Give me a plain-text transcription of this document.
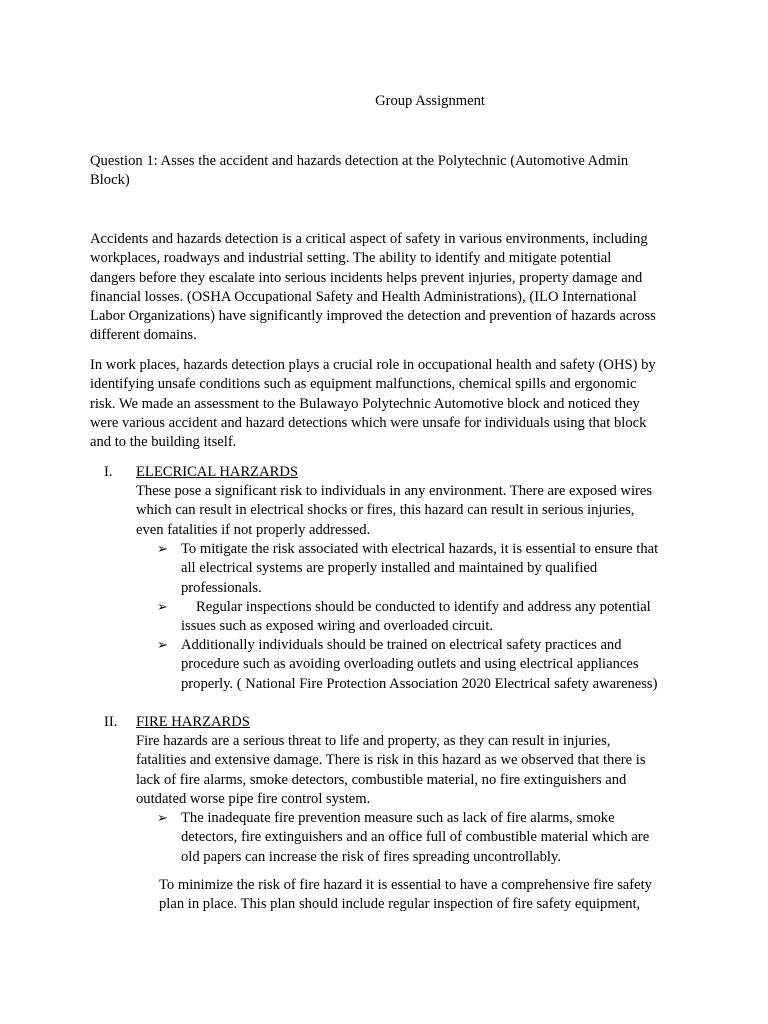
Group Assignment
Question 1: Asses the accident and hazards detection at the Polytechnic (Automotive Admin
Block)
Accidents and hazards detection is a critical aspect of safety in various environments, including
workplaces, roadways and industrial setting. The ability to identify and mitigate potential
dangers before they escalate into serious incidents helps prevent injuries, property damage and
financial losses. (OSHA Occupational Safety and Health Administrations), (ILO International
Labor Organizations) have significantly improved the detection and prevention of hazards across
different domains.
In work places, hazards detection plays a crucial role in occupational health and safety (OHS) by
identifying unsafe conditions such as equipment malfunctions, chemical spills and ergonomic
risk. We made an assessment to the Bulawayo Polytechnic Automotive block and noticed they
were various accident and hazard detections which were unsafe for individuals using that block
and to the building itself.
I. ELECRICAL HARZARDS
These pose a significant risk to individuals in any environment. There are exposed wires
which can result in electrical shocks or fires, this hazard can result in serious injuries,
even fatalities if not properly addressed.
➢ To mitigate the risk associated with electrical hazards, it is essential to ensure that
all electrical systems are properly installed and maintained by qualified
professionals.
➢	Regular inspections should be conducted to identify and address any potential
issues such as exposed wiring and overloaded circuit.
➢ Additionally individuals should be trained on electrical safety practices and
procedure such as avoiding overloading outlets and using electrical appliances
properly. ( National Fire Protection Association 2020 Electrical safety awareness)
II. FIRE HARZARDS
Fire hazards are a serious threat to life and property, as they can result in injuries,
fatalities and extensive damage. There is risk in this hazard as we observed that there is
lack of fire alarms, smoke detectors, combustible material, no fire extinguishers and
outdated worse pipe fire control system.
➢ The inadequate fire prevention measure such as lack of fire alarms, smoke
detectors, fire extinguishers and an office full of combustible material which are
old papers can increase the risk of fires spreading uncontrollably.
To minimize the risk of fire hazard it is essential to have a comprehensive fire safety
plan in place. This plan should include regular inspection of fire safety equipment,
